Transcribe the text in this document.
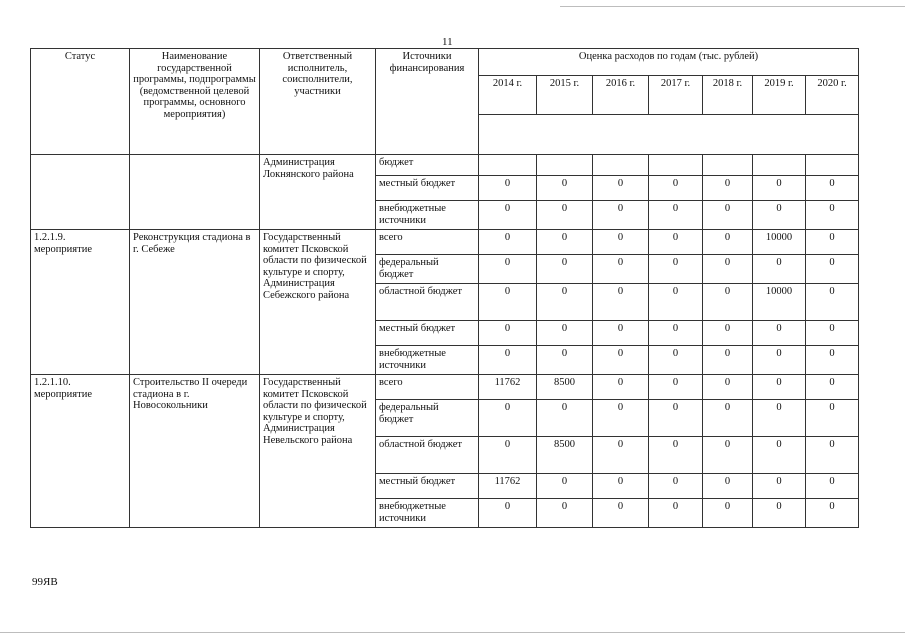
11
Статус	Наименование государственной программы, подпрограммы (ведомственной целевой программы, основного мероприятия)	Ответственный исполнитель, соисполнители, участники	Источники финансирования	Оценка расходов по годам (тыс. рублей)						
				2014 г.	2015 г.	2016 г.	2017 г.	2018 г.	2019 г.	2020 г.

		Администрация Локнянского района	бюджет							
			местный бюджет	0	0	0	0	0	0	0
			внебюджетные источники	0	0	0	0	0	0	0
1.2.1.9. мероприятие	Реконструкция стадиона в г. Себеже	Государственный комитет Псковской области по физической культуре и спорту, Администрация Себежского района	всего	0	0	0	0	0	10000	0
			федеральный бюджет	0	0	0	0	0	0	0
			областной бюджет	0	0	0	0	0	10000	0
			местный бюджет	0	0	0	0	0	0	0
			внебюджетные источники	0	0	0	0	0	0	0
1.2.1.10. мероприятие	Строительство II очереди стадиона в г. Новосокольники	Государственный комитет Псковской области по физической культуре и спорту, Администрация Невельского района	всего	11762	8500	0	0	0	0	0
			федеральный бюджет	0	0	0	0	0	0	0
			областной бюджет	0	8500	0	0	0	0	0
			местный бюджет	11762	0	0	0	0	0	0
			внебюджетные источники	0	0	0	0	0	0	0
99ЯВ
